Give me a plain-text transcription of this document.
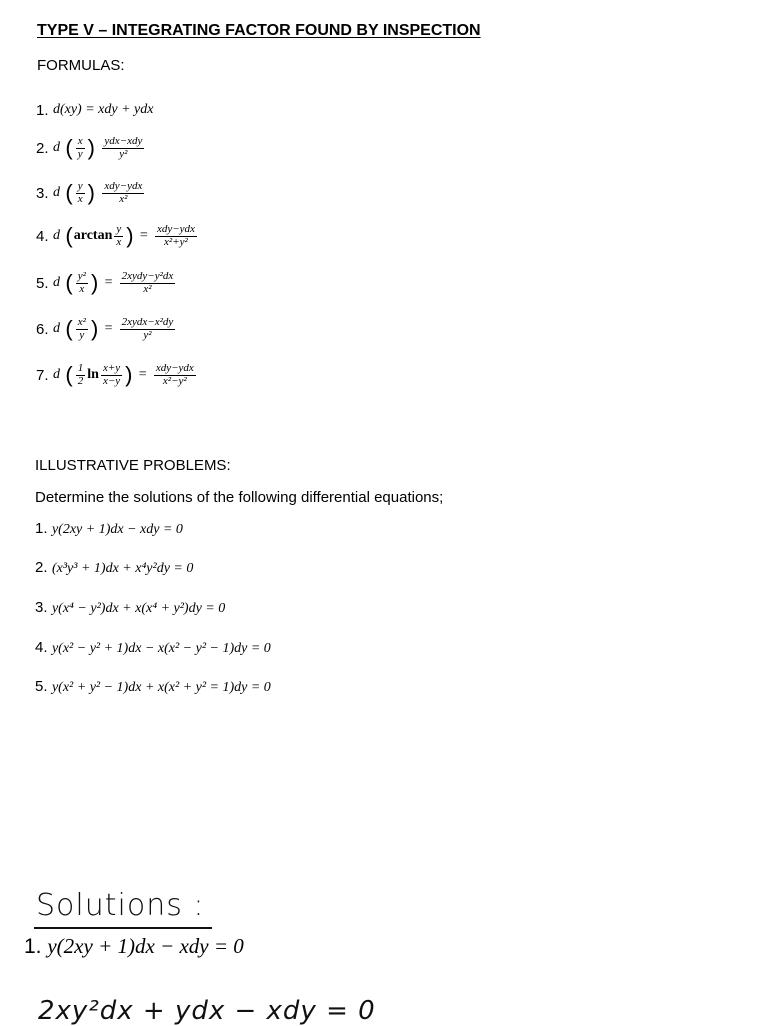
TYPE V – INTEGRATING FACTOR FOUND BY INSPECTION
FORMULAS:
1.
d(xy) = xdy + ydx
2.
d
( $\frac{x}{y}$ )
$\frac{\text{ydx−xdy}}{\text{y²}}$
3.
d
( $\frac{y}{x}$ )
$\frac{\text{xdy−ydx}}{\text{x²}}$
4.
d
( $\arctan \frac{y}{x}$ )
=
$\frac{\text{xdy−ydx}}{\text{x²+y²}}$
5.
d
( $\frac{\text{y²}}{x}$ )
=
$\frac{\text{2xydy−y²dx}}{\text{x²}}$
6.
d
( $\frac{\text{x²}}{y}$ )
=
$\frac{\text{2xydx−x²dy}}{\text{y²}}$
7.
d
( $\frac{1}{2}$ $\ln \frac{x+y}{x-y}$ )
=
$\frac{\text{xdy−ydx}}{\text{x²−y²}}$
ILLUSTRATIVE PROBLEMS:
Determine the solutions of the following differential equations;
1. y(2xy + 1)dx − xdy = 0
2. (x³y³ + 1)dx + x⁴y²dy = 0
3. y(x⁴ − y²)dx + x(x⁴ + y²)dy = 0
4. y(x² − y² + 1)dx − x(x² − y² − 1)dy = 0
5. y(x² + y² − 1)dx + x(x² + y² = 1)dy = 0
Solutions :
1. y(2xy + 1)dx − xdy = 0
2xy²dx + ydx − xdy = 0
